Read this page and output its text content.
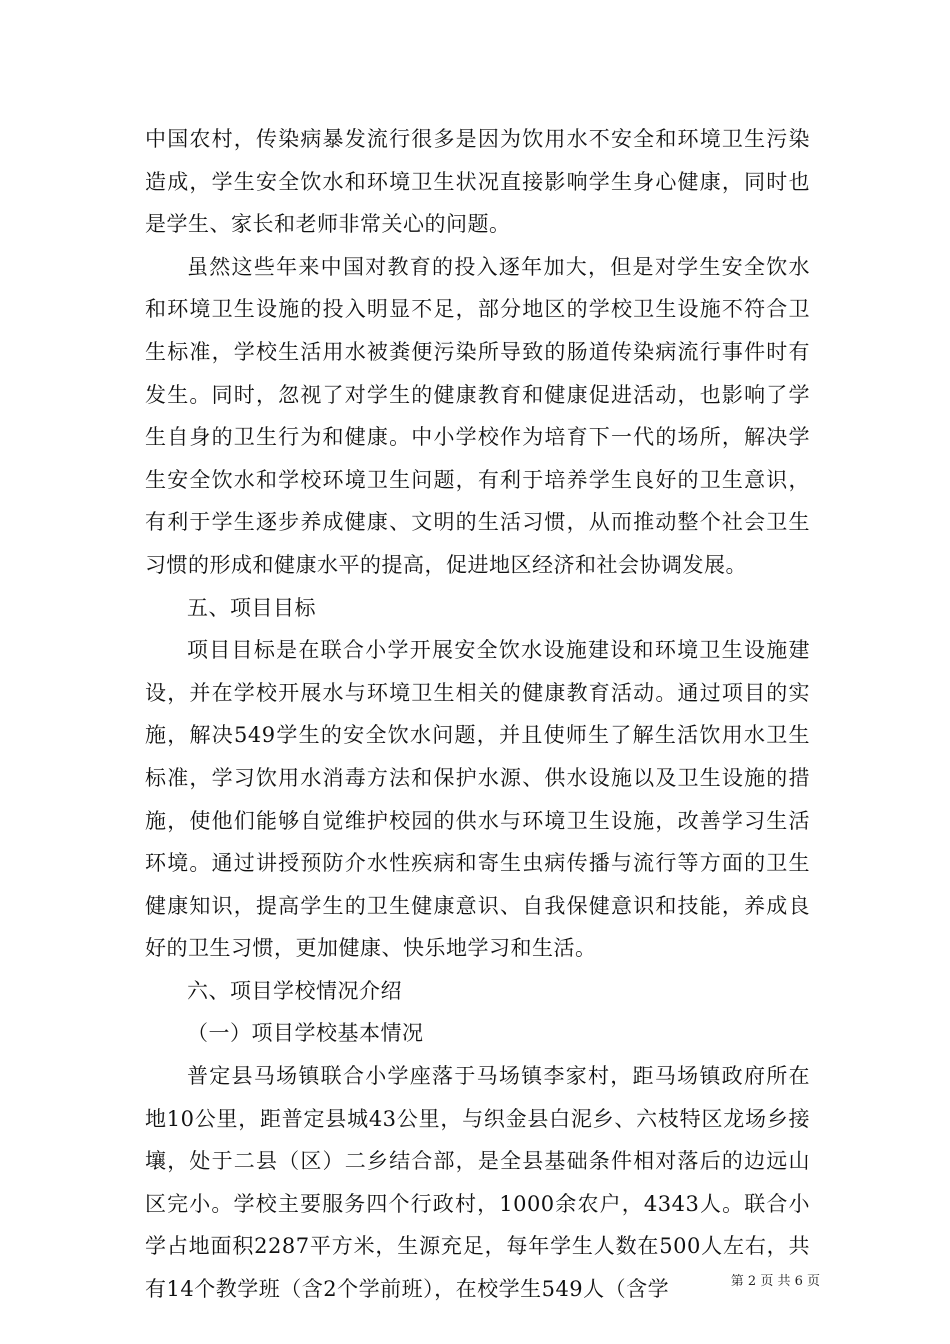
中国农村，传染病暴发流行很多是因为饮用水不安全和环境卫生污染造成，学生安全饮水和环境卫生状况直接影响学生身心健康，同时也是学生、家长和老师非常关心的问题。

虽然这些年来中国对教育的投入逐年加大，但是对学生安全饮水和环境卫生设施的投入明显不足，部分地区的学校卫生设施不符合卫生标准，学校生活用水被粪便污染所导致的肠道传染病流行事件时有发生。同时，忽视了对学生的健康教育和健康促进活动，也影响了学生自身的卫生行为和健康。中小学校作为培育下一代的场所，解决学生安全饮水和学校环境卫生问题，有利于培养学生良好的卫生意识，有利于学生逐步养成健康、文明的生活习惯，从而推动整个社会卫生习惯的形成和健康水平的提高，促进地区经济和社会协调发展。

五、项目目标

项目目标是在联合小学开展安全饮水设施建设和环境卫生设施建设，并在学校开展水与环境卫生相关的健康教育活动。通过项目的实施，解决549学生的安全饮水问题，并且使师生了解生活饮用水卫生标准，学习饮用水消毒方法和保护水源、供水设施以及卫生设施的措施，使他们能够自觉维护校园的供水与环境卫生设施，改善学习生活环境。通过讲授预防介水性疾病和寄生虫病传播与流行等方面的卫生健康知识，提高学生的卫生健康意识、自我保健意识和技能，养成良好的卫生习惯，更加健康、快乐地学习和生活。

六、项目学校情况介绍

（一）项目学校基本情况

普定县马场镇联合小学座落于马场镇李家村，距马场镇政府所在地10公里，距普定县城43公里，与织金县白泥乡、六枝特区龙场乡接壤，处于二县（区）二乡结合部，是全县基础条件相对落后的边远山区完小。学校主要服务四个行政村，1000余农户，4343人。联合小学占地面积2287平方米，生源充足，每年学生人数在500人左右，共有14个教学班（含2个学前班），在校学生549人（含学	第 2 页 共 6 页
